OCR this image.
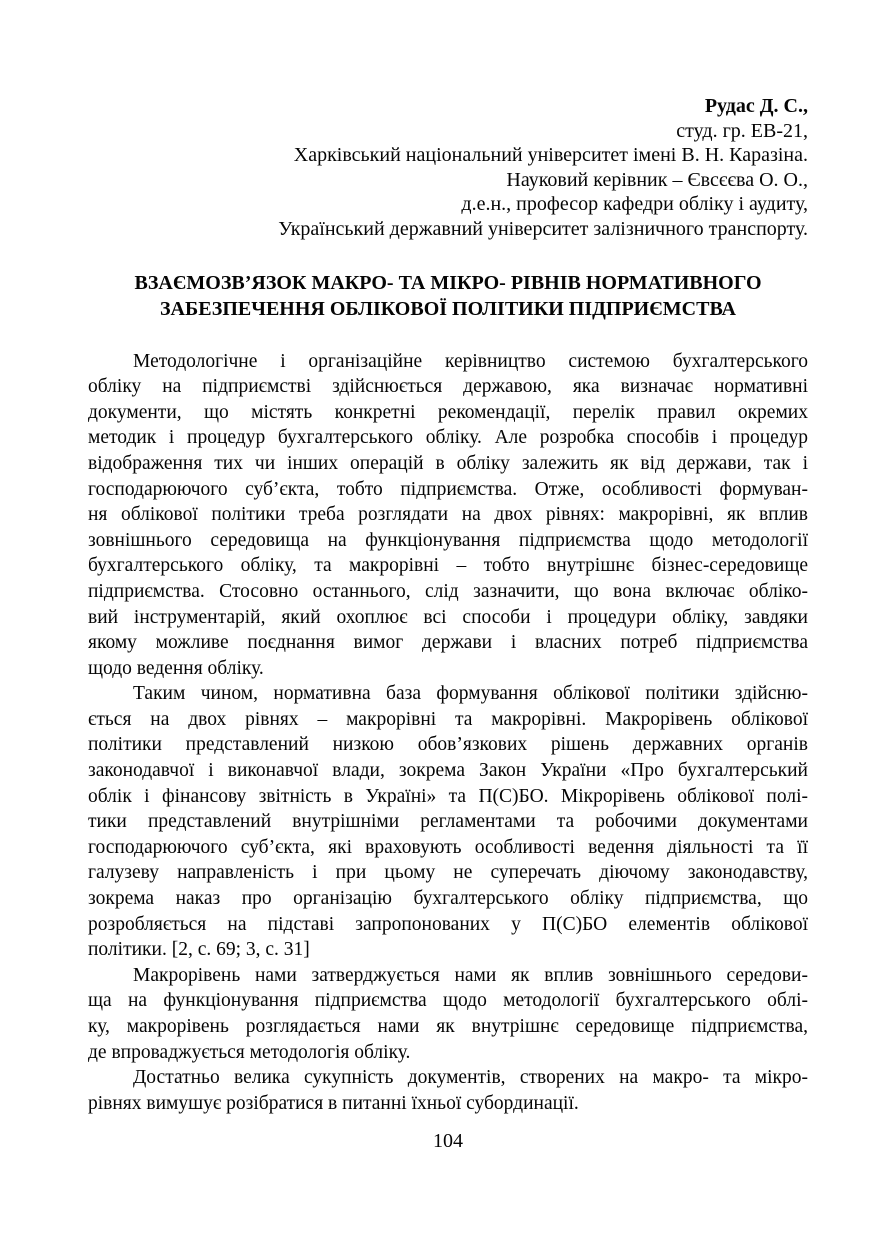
Рудас Д. С.,
студ. гр. ЕВ-21,
Харківський національний університет імені В. Н. Каразіна.
Науковий керівник – Євсєєва О. О.,
д.е.н., професор кафедри обліку і аудиту,
Український державний університет залізничного транспорту.
ВЗАЄМОЗВ’ЯЗОК МАКРО- ТА МІКРО- РІВНІВ НОРМАТИВНОГО
ЗАБЕЗПЕЧЕННЯ ОБЛІКОВОЇ ПОЛІТИКИ ПІДПРИЄМСТВА
Методологічне і організаційне керівництво системою бухгалтерського
обліку на підприємстві здійснюється державою, яка визначає нормативні
документи, що містять конкретні рекомендації, перелік правил окремих
методик і процедур бухгалтерського обліку. Але розробка способів і процедур
відображення тих чи інших операцій в обліку залежить як від держави, так і
господарюючого суб’єкта, тобто підприємства. Отже, особливості формуван-
ня облікової політики треба розглядати на двох рівнях: макрорівні, як вплив
зовнішнього середовища на функціонування підприємства щодо методології
бухгалтерського обліку, та макрорівні – тобто внутрішнє бізнес-середовище
підприємства. Стосовно останнього, слід зазначити, що вона включає обліко-
вий інструментарій, який охоплює всі способи і процедури обліку, завдяки
якому можливе поєднання вимог держави і власних потреб підприємства
щодо ведення обліку.
Таким чином, нормативна база формування облікової політики здійсню-
ється на двох рівнях – макрорівні та макрорівні. Макрорівень облікової
політики представлений низкою обов’язкових рішень державних органів
законодавчої і виконавчої влади, зокрема Закон України «Про бухгалтерський
облік і фінансову звітність в Україні» та П(С)БО. Мікрорівень облікової полі-
тики представлений внутрішніми регламентами та робочими документами
господарюючого суб’єкта, які враховують особливості ведення діяльності та її
галузеву направленість і при цьому не суперечать діючому законодавству,
зокрема наказ про організацію бухгалтерського обліку підприємства, що
розробляється на підставі запропонованих у П(С)БО елементів облікової
політики. [2, с. 69; 3, с. 31]
Макрорівень нами затверджується нами як вплив зовнішнього середови-
ща на функціонування підприємства щодо методології бухгалтерського облі-
ку, макрорівень розглядається нами як внутрішнє середовище підприємства,
де впроваджується методологія обліку.
Достатньо велика сукупність документів, створених на макро- та мікро-
рівнях вимушує розібратися в питанні їхньої субординації.
104
